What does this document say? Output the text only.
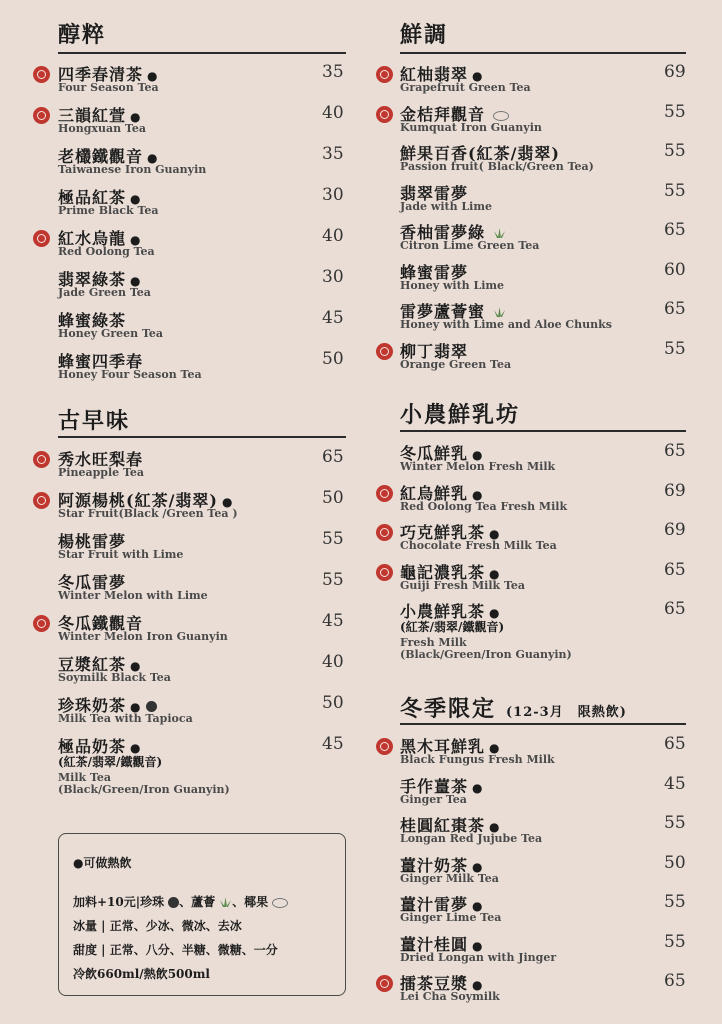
醇粹	鮮調
古早味	小農鮮乳坊
冬季限定 (12-3月　限熱飲)
四季春清茶 ●
Four Season Tea
35
三韻紅萱 ●
Hongxuan Tea
40
老欉鐵觀音 ●
Taiwanese Iron Guanyin
35
極品紅茶 ●
Prime Black Tea
30
紅水烏龍 ●
Red Oolong Tea
40
翡翠綠茶 ●
Jade Green Tea
30
蜂蜜綠茶
Honey Green Tea
45
蜂蜜四季春
Honey Four Season Tea
50
秀水旺梨春
Pineapple Tea
65
阿源楊桃(紅茶/翡翠) ●
Star Fruit(Black /Green Tea )
50
楊桃雷夢
Star Fruit with Lime
55
冬瓜雷夢
Winter Melon with Lime
55
冬瓜鐵觀音
Winter Melon Iron Guanyin
45
豆漿紅茶 ●
Soymilk Black Tea
40
珍珠奶茶 ●
Milk Tea with Tapioca
50
極品奶茶 ●
(紅茶/翡翠/鐵觀音)
Milk Tea
(Black/Green/Iron Guanyin)
45
紅柚翡翠 ●
Grapefruit Green Tea
69
金桔拜觀音
Kumquat Iron Guanyin
55
鮮果百香(紅茶/翡翠)
Passion fruit( Black/Green Tea)
55
翡翠雷夢
Jade with Lime
55
香柚雷夢綠
Citron Lime Green Tea
65
蜂蜜雷夢
Honey with Lime
60
雷夢蘆薈蜜
Honey with Lime and Aloe Chunks
65
柳丁翡翠
Orange Green Tea
55
冬瓜鮮乳 ●
Winter Melon Fresh Milk
65
紅烏鮮乳 ●
Red Oolong Tea Fresh Milk
69
巧克鮮乳茶 ●
Chocolate Fresh Milk Tea
69
龜記濃乳茶 ●
Guiji Fresh Milk Tea
65
小農鮮乳茶 ●
(紅茶/翡翠/鐵觀音)
Fresh Milk
(Black/Green/Iron Guanyin)
65
黑木耳鮮乳 ●
Black Fungus Fresh Milk
65
手作薑茶 ●
Ginger Tea
45
桂圓紅棗茶 ●
Longan Red Jujube Tea
55
薑汁奶茶 ●
Ginger Milk Tea
50
薑汁雷夢 ●
Ginger Lime Tea
55
薑汁桂圓 ●
Dried Longan with Jinger
55
擂茶豆漿 ●
Lei Cha Soymilk
65
●可做熱飲
加料+10元|珍珠 、蘆薈 、椰果
冰量 | 正常、少冰、微冰、去冰
甜度 | 正常、八分、半糖、微糖、一分
冷飲660ml/熱飲500ml
